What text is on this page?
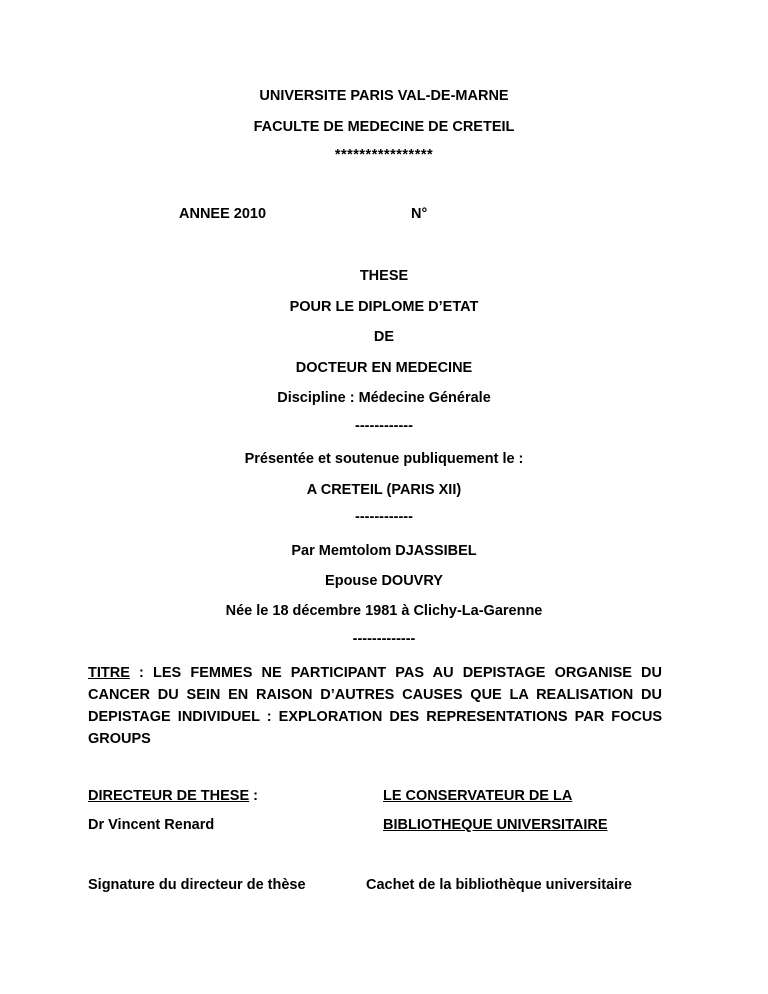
UNIVERSITE PARIS VAL-DE-MARNE
FACULTE DE MEDECINE DE CRETEIL
****************
ANNEE 2010	N°
THESE
POUR LE DIPLOME D’ETAT
DE
DOCTEUR EN MEDECINE
Discipline : Médecine Générale
------------
Présentée et soutenue publiquement le :
A CRETEIL (PARIS XII)
------------
Par Memtolom DJASSIBEL
Epouse DOUVRY
Née le 18 décembre 1981 à Clichy-La-Garenne
-------------
TITRE : LES FEMMES NE PARTICIPANT PAS AU DEPISTAGE ORGANISE DU CANCER DU SEIN EN RAISON D’AUTRES CAUSES QUE LA REALISATION DU DEPISTAGE INDIVIDUEL : EXPLORATION DES REPRESENTATIONS PAR FOCUS GROUPS
DIRECTEUR DE THESE :
Dr Vincent Renard
LE CONSERVATEUR DE LA
BIBLIOTHEQUE UNIVERSITAIRE
Signature du directeur de thèse	Cachet de la bibliothèque universitaire
